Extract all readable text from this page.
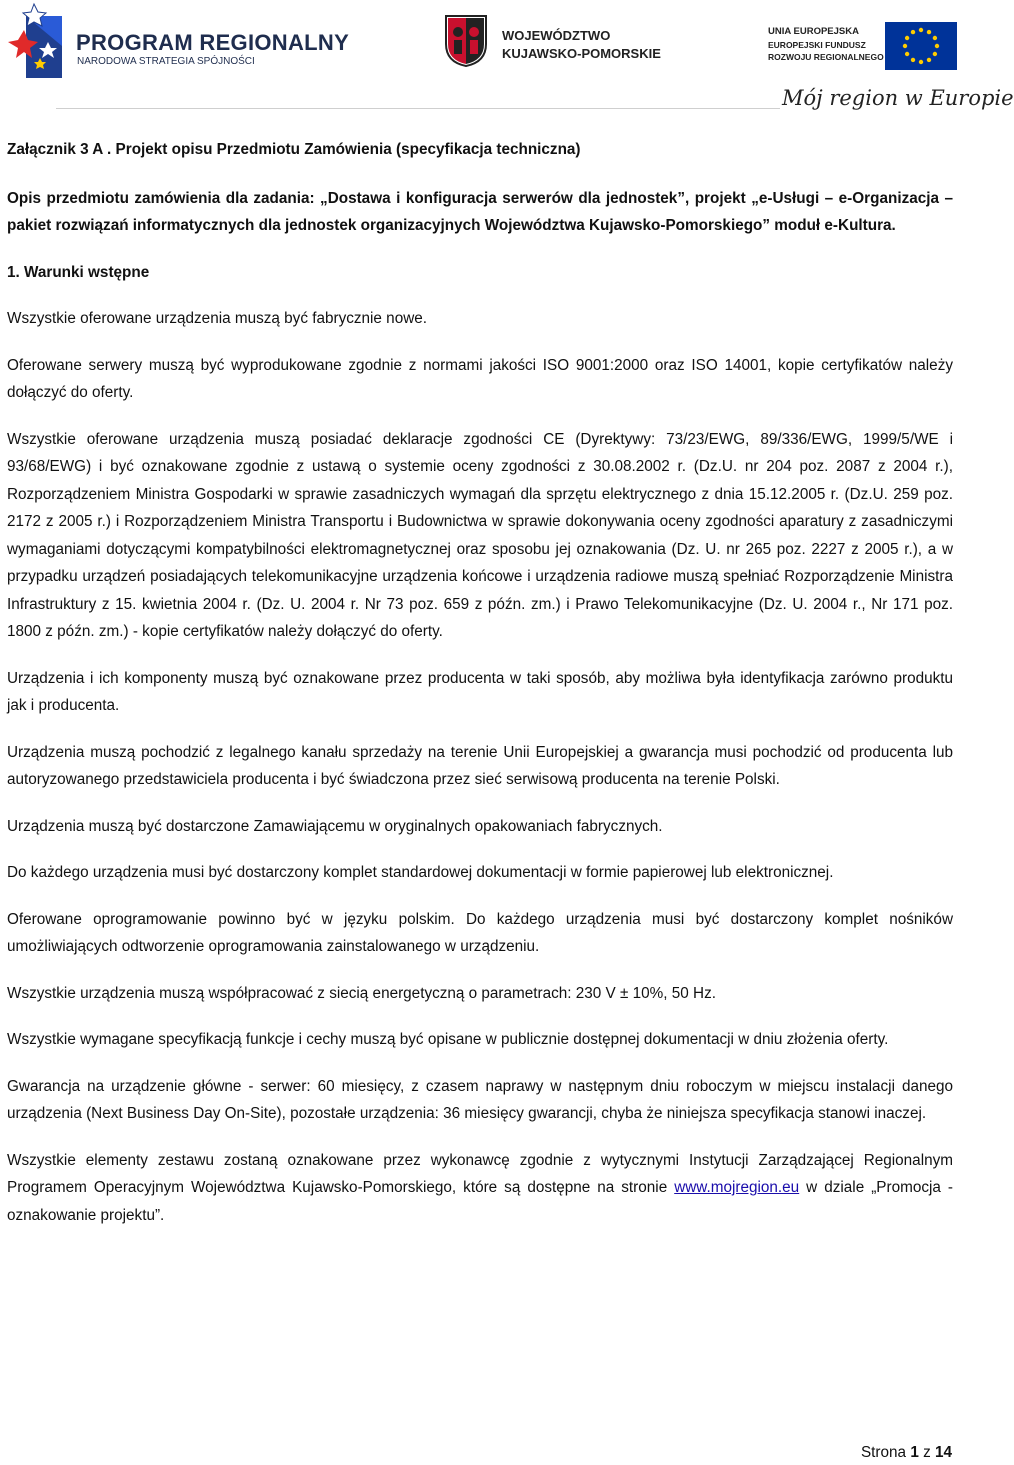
PROGRAM REGIONALNY
NARODOWA STRATEGIA SPÓJNOŚCI
WOJEWÓDZTWO
KUJAWSKO-POMORSKIE
UNIA EUROPEJSKA
EUROPEJSKI FUNDUSZ
ROZWOJU REGIONALNEGO
Mój region w Europie

Załącznik 3 A . Projekt opisu Przedmiotu Zamówienia (specyfikacja techniczna)

Opis przedmiotu zamówienia dla zadania: „Dostawa i konfiguracja serwerów dla jednostek”, projekt „e-Usługi – e-Organizacja – pakiet rozwiązań informatycznych dla jednostek organizacyjnych Województwa Kujawsko-Pomorskiego” moduł e-Kultura.

1. Warunki wstępne

Wszystkie oferowane urządzenia muszą być fabrycznie nowe.

Oferowane serwery muszą być wyprodukowane zgodnie z normami jakości ISO 9001:2000 oraz ISO 14001, kopie certyfikatów należy dołączyć do oferty.

Wszystkie oferowane urządzenia muszą posiadać deklaracje zgodności CE (Dyrektywy: 73/23/EWG, 89/336/EWG, 1999/5/WE i 93/68/EWG) i być oznakowane zgodnie z ustawą o systemie oceny zgodności z 30.08.2002 r. (Dz.U. nr 204 poz. 2087 z 2004 r.), Rozporządzeniem Ministra Gospodarki w sprawie zasadniczych wymagań dla sprzętu elektrycznego z dnia 15.12.2005 r. (Dz.U. 259 poz. 2172 z 2005 r.) i Rozporządzeniem Ministra Transportu i Budownictwa w sprawie dokonywania oceny zgodności aparatury z zasadniczymi wymaganiami dotyczącymi kompatybilności elektromagnetycznej oraz sposobu jej oznakowania (Dz. U. nr 265 poz. 2227 z 2005 r.), a w przypadku urządzeń posiadających telekomunikacyjne urządzenia końcowe i urządzenia radiowe muszą spełniać Rozporządzenie Ministra Infrastruktury z 15. kwietnia 2004 r. (Dz. U. 2004 r. Nr 73 poz. 659 z późn. zm.) i Prawo Telekomunikacyjne (Dz. U. 2004 r., Nr 171 poz. 1800 z późn. zm.) - kopie certyfikatów należy dołączyć do oferty.

Urządzenia i ich komponenty muszą być oznakowane przez producenta w taki sposób, aby możliwa była identyfikacja zarówno produktu jak i producenta.

Urządzenia muszą pochodzić z legalnego kanału sprzedaży na terenie Unii Europejskiej a gwarancja musi pochodzić od producenta lub autoryzowanego przedstawiciela producenta i być świadczona przez sieć serwisową producenta na terenie Polski.

Urządzenia muszą być dostarczone Zamawiającemu w oryginalnych opakowaniach fabrycznych.

Do każdego urządzenia musi być dostarczony komplet standardowej dokumentacji w formie papierowej lub elektronicznej.

Oferowane oprogramowanie powinno być w języku polskim. Do każdego urządzenia musi być dostarczony komplet nośników umożliwiających odtworzenie oprogramowania zainstalowanego w urządzeniu.

Wszystkie urządzenia muszą współpracować z siecią energetyczną o parametrach: 230 V ± 10%, 50 Hz.

Wszystkie wymagane specyfikacją funkcje i cechy muszą być opisane w publicznie dostępnej dokumentacji w dniu złożenia oferty.

Gwarancja na urządzenie główne - serwer: 60 miesięcy, z czasem naprawy w następnym dniu roboczym w miejscu instalacji danego urządzenia (Next Business Day On-Site), pozostałe urządzenia: 36 miesięcy gwarancji, chyba że niniejsza specyfikacja stanowi inaczej.

Wszystkie elementy zestawu zostaną oznakowane przez wykonawcę zgodnie z wytycznymi Instytucji Zarządzającej Regionalnym Programem Operacyjnym Województwa Kujawsko-Pomorskiego, które są dostępne na stronie www.mojregion.eu w dziale „Promocja - oznakowanie projektu”.

Strona 1 z 14
